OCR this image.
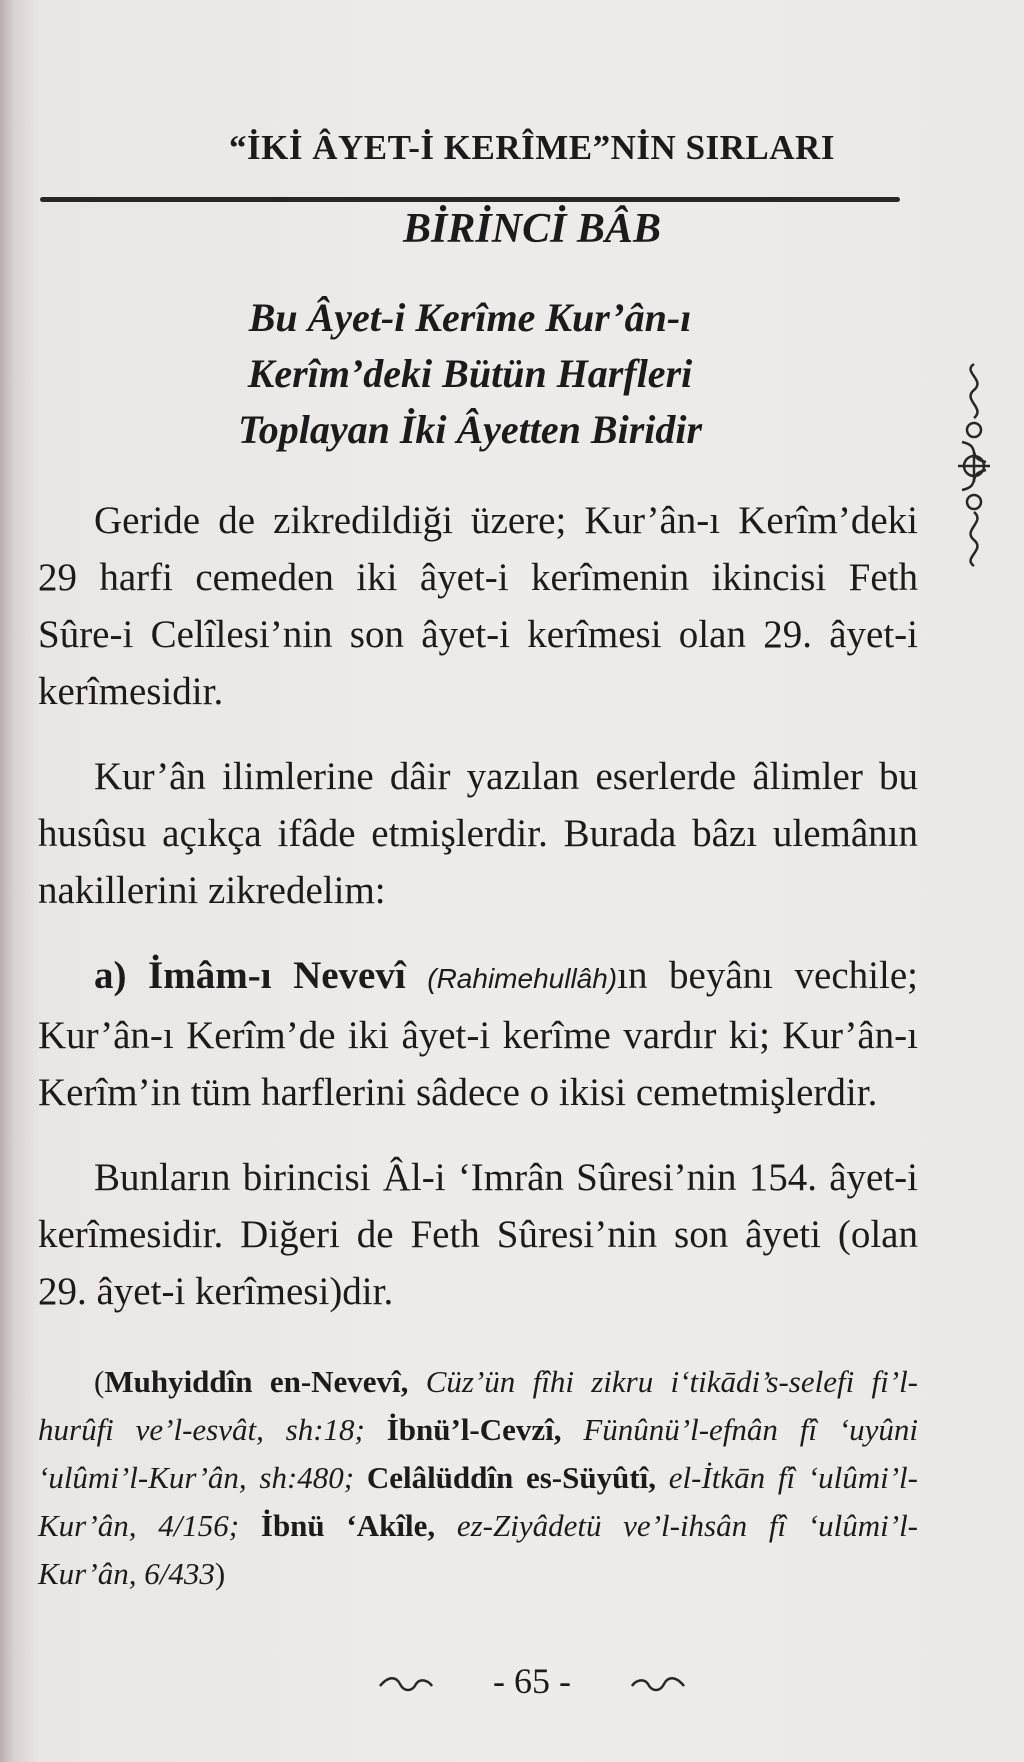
“İKİ ÂYET-İ KERÎME”NİN SIRLARI
BİRİNCİ BÂB
Bu Âyet-i Kerîme Kur’ân-ı
Kerîm’deki Bütün Harfleri
Toplayan İki Âyetten Biridir

Geride de zikredildiği üzere; Kur’ân-ı Kerîm’deki 29 harfi cemeden iki âyet-i kerîmenin ikincisi Feth Sûre-i Celîlesi’nin son âyet-i kerîmesi olan 29. âyet-i kerîmesidir.

Kur’ân ilimlerine dâir yazılan eserlerde âlimler bu husûsu açıkça ifâde etmişlerdir. Burada bâzı ulemânın nakillerini zikredelim:

a) İmâm-ı Nevevî (Rahimehullâh)ın beyânı vechile; Kur’ân-ı Kerîm’de iki âyet-i kerîme vardır ki; Kur’ân-ı Kerîm’in tüm harflerini sâdece o ikisi cemetmişlerdir.

Bunların birincisi Âl-i ‘Imrân Sûresi’nin 154. âyet-i kerîmesidir. Diğeri de Feth Sûresi’nin son âyeti (olan 29. âyet-i kerîmesi)dir.

(Muhyiddîn en-Nevevî, Cüz’ün fîhi zikru i‘tikādi’s-selefi fi’l-hurûfi ve’l-esvât, sh:18; İbnü’l-Cevzî, Fünûnü’l-efnân fî ‘uyûni ‘ulûmi’l-Kur’ân, sh:480; Celâlüddîn es-Süyûtî, el-İtkān fî ‘ulûmi’l-Kur’ân, 4/156; İbnü ‘Akîle, ez-Ziyâdetü ve’l-ihsân fî ‘ulûmi’l-Kur’ân, 6/433)
- 65 -
